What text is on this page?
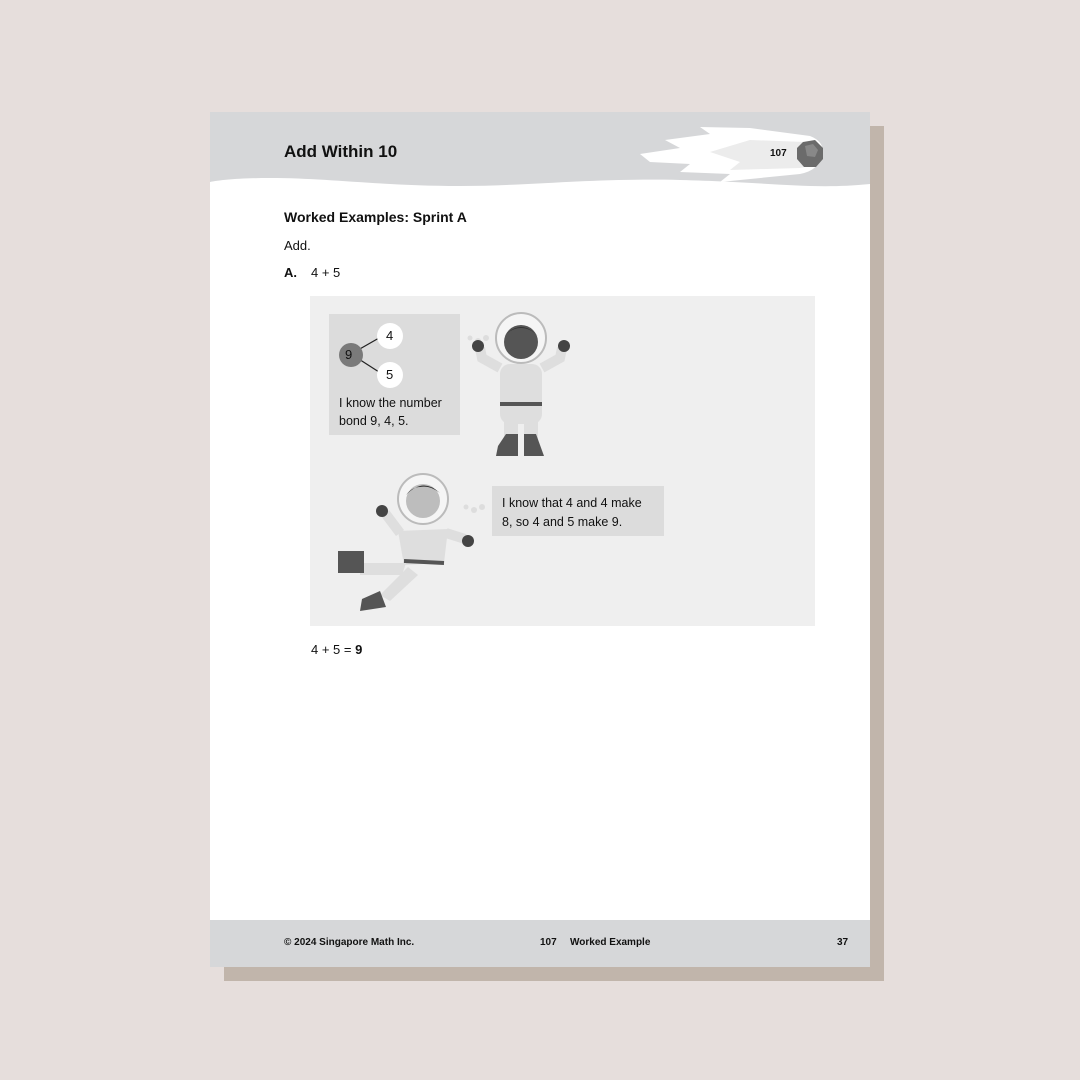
Add Within 10	107
Worked Examples: Sprint A
Add.
A. 4 + 5
9
4
5
I know the number
bond 9, 4, 5.
I know that 4 and 4 make
8, so 4 and 5 make 9.
4 + 5 = 9
© 2024 Singapore Math Inc.	107 Worked Example	37
